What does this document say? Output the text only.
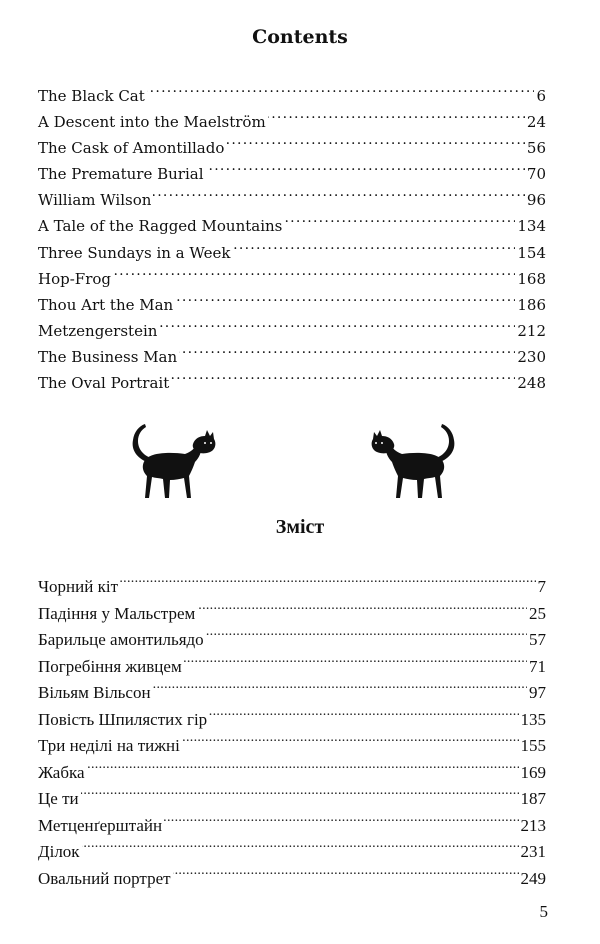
Contents
The Black Cat . . .	6
A Descent into the Maelström . . .	24
The Cask of Amontillado . . .	56
The Premature Burial . . .	70
William Wilson . . .	96
A Tale of the Ragged Mountains . . .	134
Three Sundays in a Week . . .	154
Hop-Frog . . .	168
Thou Art the Man . . .	186
Metzengerstein . . .	212
The Business Man . . .	230
The Oval Portrait . . .	248
Зміст
Чорний кіт . . .	7
Падіння у Мальстрем . . .	25
Барильце амонтильядо . . .	57
Погребіння живцем . . .	71
Вільям Вільсон . . .	97
Повість Шпилястих гір . . .	135
Три неділі на тижні . . .	155
Жабка . . .	169
Це ти . . .	187
Метценґерштайн . . .	213
Ділок . . .	231
Овальний портрет . . .	249
5
